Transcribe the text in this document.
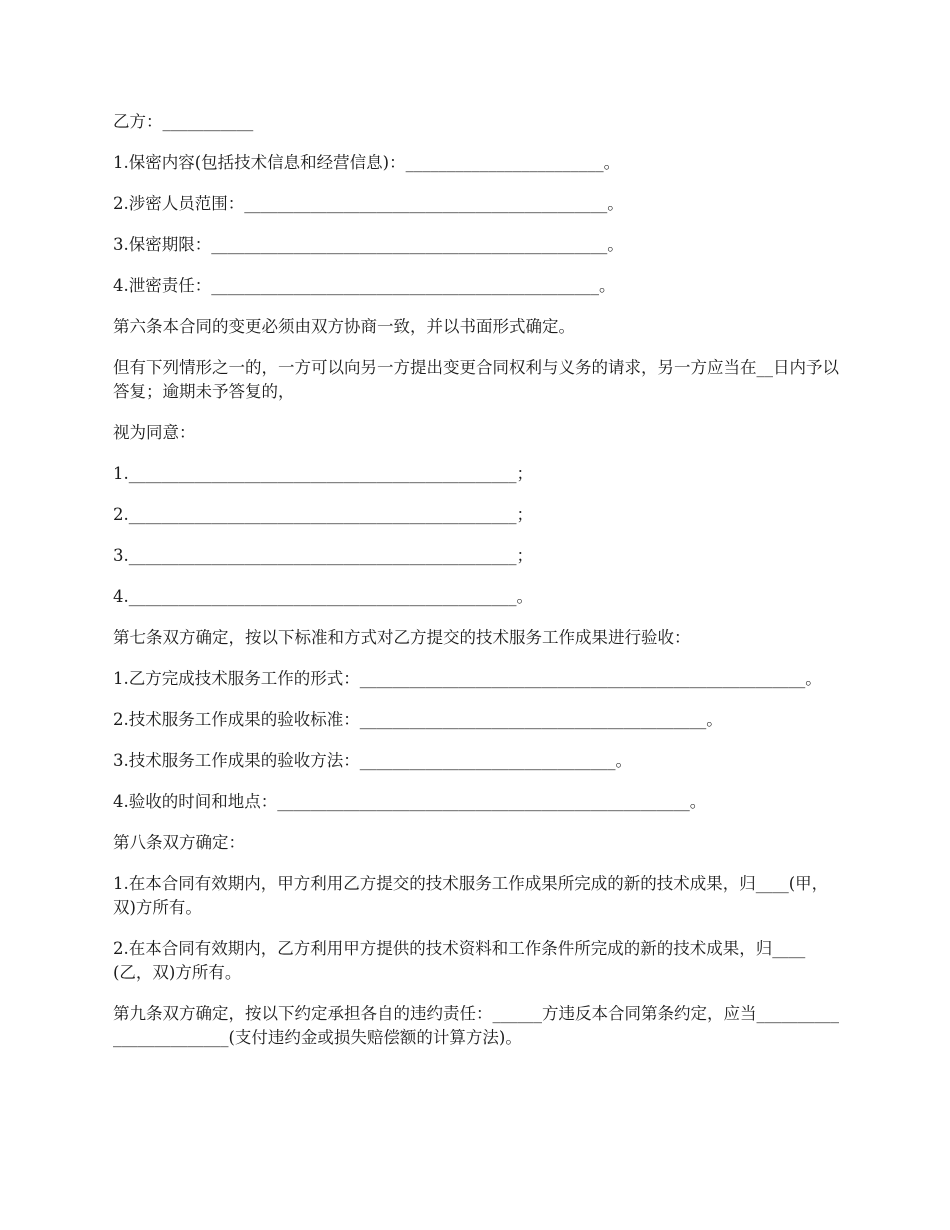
乙方：___________

1.保密内容(包括技术信息和经营信息)：________________________。

2.涉密人员范围：____________________________________________。

3.保密期限：________________________________________________。

4.泄密责任：_______________________________________________。

第六条本合同的变更必须由双方协商一致，并以书面形式确定。

但有下列情形之一的，一方可以向另一方提出变更合同权利与义务的请求，另一方应当在__日内予以答复；逾期未予答复的，

视为同意：

1._______________________________________________；

2._______________________________________________；

3._______________________________________________；

4._______________________________________________。

第七条双方确定，按以下标准和方式对乙方提交的技术服务工作成果进行验收：

1.乙方完成技术服务工作的形式：______________________________________________________。

2.技术服务工作成果的验收标准：__________________________________________。

3.技术服务工作成果的验收方法：_______________________________。

4.验收的时间和地点：__________________________________________________。

第八条双方确定：

1.在本合同有效期内，甲方利用乙方提交的技术服务工作成果所完成的新的技术成果，归____(甲，双)方所有。

2.在本合同有效期内，乙方利用甲方提供的技术资料和工作条件所完成的新的技术成果，归____(乙，双)方所有。

第九条双方确定，按以下约定承担各自的违约责任：______方违反本合同第条约定，应当________________________(支付违约金或损失赔偿额的计算方法)。
